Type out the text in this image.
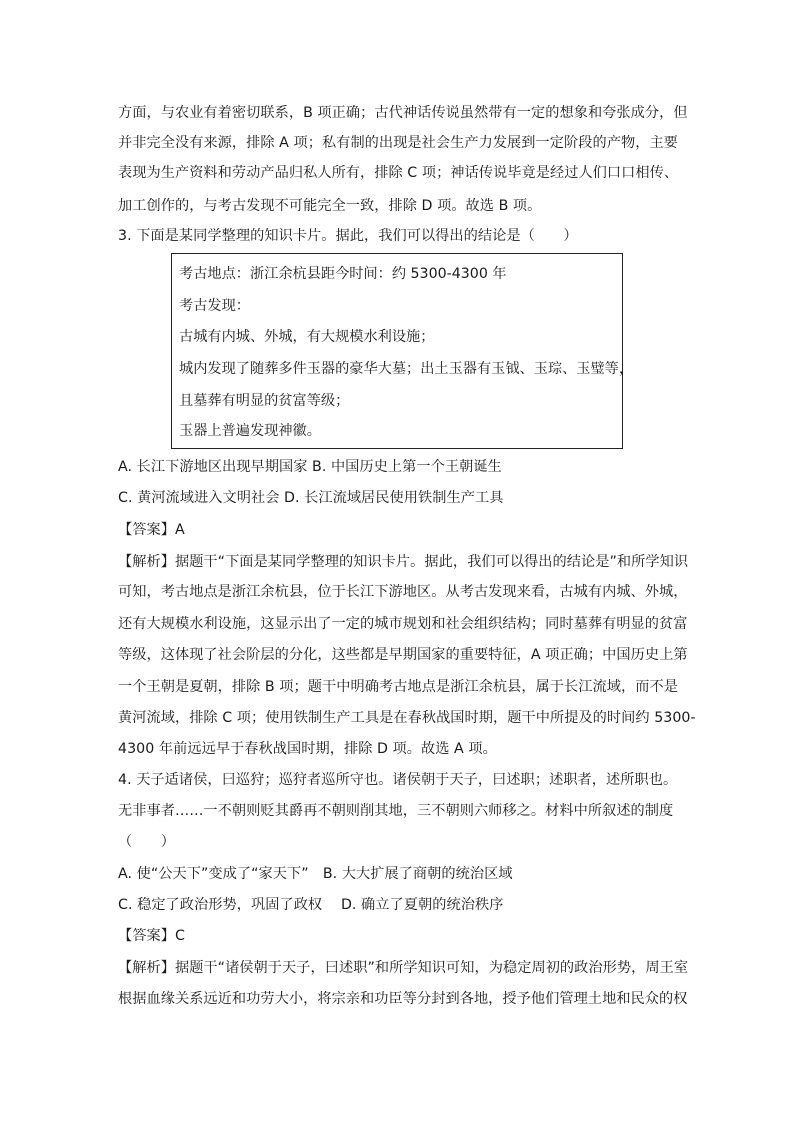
方面，与农业有着密切联系，B 项正确；古代神话传说虽然带有一定的想象和夸张成分，但
并非完全没有来源，排除 A 项；私有制的出现是社会生产力发展到一定阶段的产物，主要
表现为生产资料和劳动产品归私人所有，排除 C 项；神话传说毕竟是经过人们口口相传、
加工创作的，与考古发现不可能完全一致，排除 D 项。故选 B 项。
3. 下面是某同学整理的知识卡片。据此，我们可以得出的结论是（　　）
考古地点：浙江余杭县距今时间：约 5300-4300 年
考古发现：
古城有内城、外城，有大规模水利设施；
城内发现了随葬多件玉器的豪华大墓；出土玉器有玉钺、玉琮、玉璧等，
且墓葬有明显的贫富等级；
玉器上普遍发现神徽。
A. 长江下游地区出现早期国家 B. 中国历史上第一个王朝诞生
C. 黄河流域进入文明社会 D. 长江流域居民使用铁制生产工具
【答案】A
【解析】据题干“下面是某同学整理的知识卡片。据此，我们可以得出的结论是”和所学知识
可知，考古地点是浙江余杭县，位于长江下游地区。从考古发现来看，古城有内城、外城，
还有大规模水利设施，这显示出了一定的城市规划和社会组织结构；同时墓葬有明显的贫富
等级，这体现了社会阶层的分化，这些都是早期国家的重要特征，A 项正确；中国历史上第
一个王朝是夏朝，排除 B 项；题干中明确考古地点是浙江余杭县，属于长江流域，而不是
黄河流域，排除 C 项；使用铁制生产工具是在春秋战国时期，题干中所提及的时间约 5300-
4300 年前远远早于春秋战国时期，排除 D 项。故选 A 项。
4. 天子适诸侯，曰巡狩；巡狩者巡所守也。诸侯朝于天子，曰述职；述职者，述所职也。
无非事者……一不朝则贬其爵再不朝则削其地，三不朝则六师移之。材料中所叙述的制度
（　　）
A. 使“公天下”变成了“家天下”　B. 大大扩展了商朝的统治区域
C. 稳定了政治形势，巩固了政权　 D. 确立了夏朝的统治秩序
【答案】C
【解析】据题干“诸侯朝于天子，曰述职”和所学知识可知，为稳定周初的政治形势，周王室
根据血缘关系远近和功劳大小，将宗亲和功臣等分封到各地，授予他们管理土地和民众的权
